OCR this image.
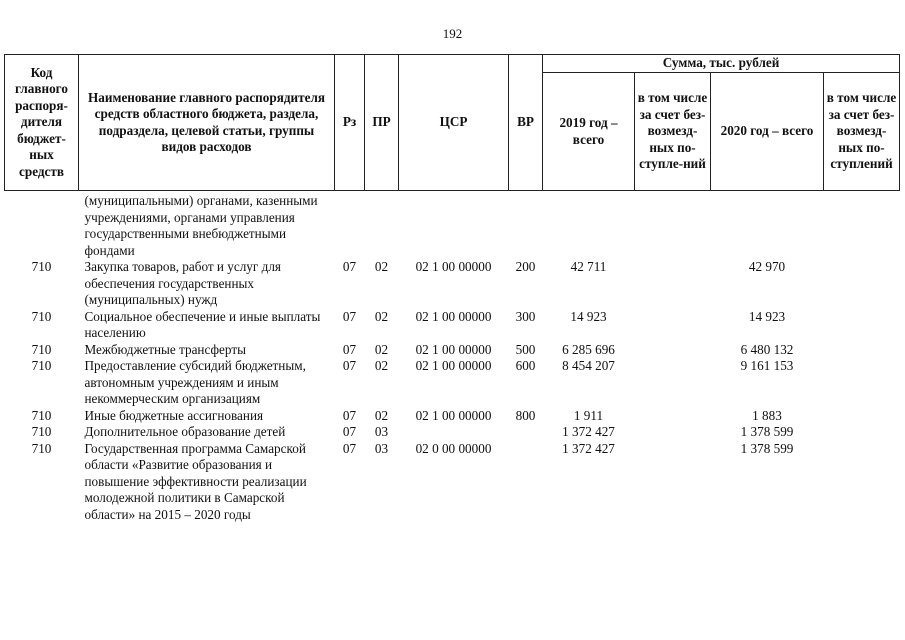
192
Код главного распоря-дителя бюджет-ных средств	Наименование главного распорядителя средств областного бюджета, раздела, подраздела, целевой статьи, группы видов расходов	Рз	ПР	ЦСР	ВР	Сумма, тыс. рублей			
						2019 год – всего	в том числе за счет без-возмезд-ных по-ступле-ний	2020 год – всего	в том числе за счет без-возмезд-ных по-ступлений
	(муниципальными) органами, казенными учреждениями, органами управления государственными внебюджетными фондами								
710	Закупка товаров, работ и услуг для обеспечения государственных (муниципальных) нужд	07	02	02 1 00 00000	200	42 711		42 970	
710	Социальное обеспечение и иные выплаты населению	07	02	02 1 00 00000	300	14 923		14 923	
710	Межбюджетные трансферты	07	02	02 1 00 00000	500	6 285 696		6 480 132	
710	Предоставление субсидий бюджетным, автономным учреждениям и иным некоммерческим организациям	07	02	02 1 00 00000	600	8 454 207		9 161 153	
710	Иные бюджетные ассигнования	07	02	02 1 00 00000	800	1 911		1 883	
710	Дополнительное образование детей	07	03			1 372 427		1 378 599	
710	Государственная программа Самарской области «Развитие образования и повышение эффективности реализации молодежной политики в Самарской области» на 2015 – 2020 годы	07	03	02 0 00 00000		1 372 427		1 378 599	
